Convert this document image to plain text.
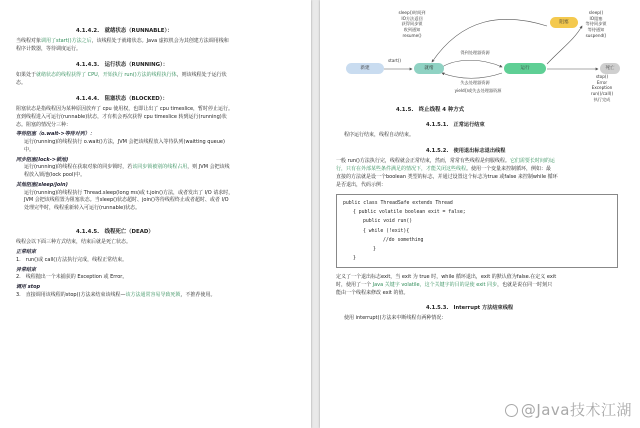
4.1.4.2.　就绪状态（RUNNABLE）：
当线程对象调用了start()方法之后，该线程处于就绪状态。Java 虚拟机会为其创建方法调用栈和
程序计数器，等待调度运行。
4.1.4.3.　运行状态（RUNNING）：
如果处于就绪状态的线程获得了 CPU，开始执行 run()方法的线程执行体，则该线程处于运行状
态。
4.1.4.4.　阻塞状态（BLOCKED）：
阻塞状态是指线程因为某种原因放弃了 cpu 使用权，也即让出了 cpu timeslice，暂时停止运行。
直到线程进入可运行(runnable)状态，才有机会再次获得 cpu timeslice 转到运行(running)状
态。阻塞的情况分三种：
等待阻塞（o.wait->等待对列）：
运行(running)的线程执行 o.wait()方法，JVM 会把该线程放入等待队列(waitting queue)
中。
同步阻塞(lock->锁池)
运行(running)的线程在获取对象的同步锁时，若该同步锁被别的线程占用，则 JVM 会把该线
程放入锁池(lock pool)中。
其他阻塞(sleep/join)
运行(running)的线程执行 Thread.sleep(long ms)或 t.join()方法，或者发出了 I/O 请求时，
JVM 会把该线程置为阻塞状态。当sleep()状态超时、join()等待线程终止或者超时、或者 I/O
处理完毕时，线程重新转入可运行(runnable)状态。
4.1.4.5.　线程死亡（DEAD）
线程会以下面三种方式结束，结束后就是死亡状态。
正常结束
1.　run()或 call()方法执行完成，线程正常结束。
异常结束
2.　线程抛出一个未捕获的 Exception 或 Error。
调用 stop
3.　直接调用该线程的stop()方法来结束该线程—该方法通常容易导致死锁，不推荐使用。
新建	就绪	运行
阻塞
死亡
start()
sleep()时间到
IO方法返回
获得同步锁
收到通知
resume()
得到处理器资源
失去处理器资源
yield()或失去处理器资源
sleep()
IO阻塞
等待同步锁
等待通知
suspend()
stop()
Error
Exception
run()/call()
执行完成
4.1.5.　终止线程 4 种方式
4.1.5.1.　正常运行结束
程序运行结束，线程自动结束。
4.1.5.2.　使用退出标志退出线程
一般 run()方法执行完，线程就会正常结束，然而，常常有些线程是伺服线程。它们需要长时间的运
行，只有在外部某些条件满足的情况下，才能关闭这些线程。使用一个变量来控制循环，例如：最
直接的方法就是设一个boolean 类型的标志，并通过设置这个标志为true 或false 来控制while 循环
是否退出，代码示例：
public class ThreadSafe extends Thread
{ public volatile boolean exit = false;
public void run()
{ while (!exit){
//do something
}
}
定义了一个退出标志exit，当 exit 为 true 时，while 循环退出，exit 的默认值为false.在定义 exit
时，使用了一个 Java 关键字 volatile，这个关键字的目的是使 exit 同步，也就是说在同一时刻只
能由一个线程来修改 exit 的值。
4.1.5.3.　Interrupt 方法结束线程
使用 interrupt()方法来中断线程有两种情况：
@Java技术江湖
